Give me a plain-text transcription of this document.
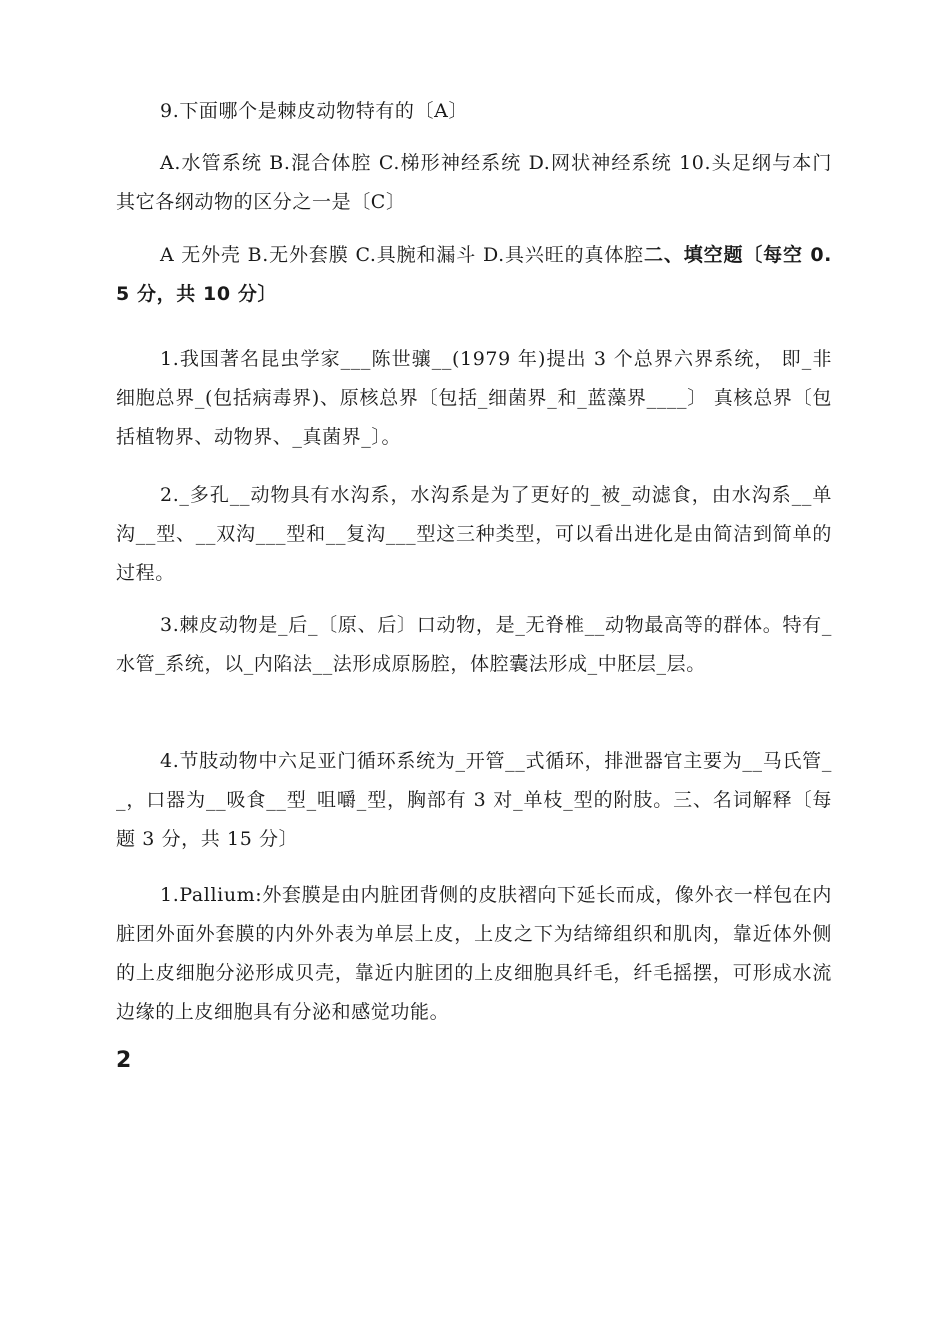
9.下面哪个是棘皮动物特有的〔A〕

A.水管系统 B.混合体腔 C.梯形神经系统 D.网状神经系统 10.头足纲与本门其它各纲动物的区分之一是〔C〕

A 无外壳 B.无外套膜 C.具腕和漏斗 D.具兴旺的真体腔二、填空题〔每空 0.5 分，共 10 分〕

1.我国著名昆虫学家___陈世骧__(1979 年)提出 3 个总界六界系统， 即_非细胞总界_(包括病毒界)、原核总界〔包括_细菌界_和_蓝藻界____〕 真核总界〔包括植物界、动物界、_真菌界_〕。

2._多孔__动物具有水沟系，水沟系是为了更好的_被_动滤食，由水沟系__单沟__型、__双沟___型和__复沟___型这三种类型，可以看出进化是由简洁到简单的过程。

3.棘皮动物是_后_〔原、后〕口动物，是_无脊椎__动物最高等的群体。特有_水管_系统，以_内陷法__法形成原肠腔，体腔囊法形成_中胚层_层。

4.节肢动物中六足亚门循环系统为_开管__式循环，排泄器官主要为__马氏管__，口器为__吸食__型_咀嚼_型，胸部有 3 对_单枝_型的附肢。三、名词解释〔每题 3 分，共 15 分〕

1.Pallium:外套膜是由内脏团背侧的皮肤褶向下延长而成，像外衣一样包在内脏团外面外套膜的内外外表为单层上皮，上皮之下为结缔组织和肌肉，靠近体外侧的上皮细胞分泌形成贝壳，靠近内脏团的上皮细胞具纤毛，纤毛摇摆，可形成水流边缘的上皮细胞具有分泌和感觉功能。

2
